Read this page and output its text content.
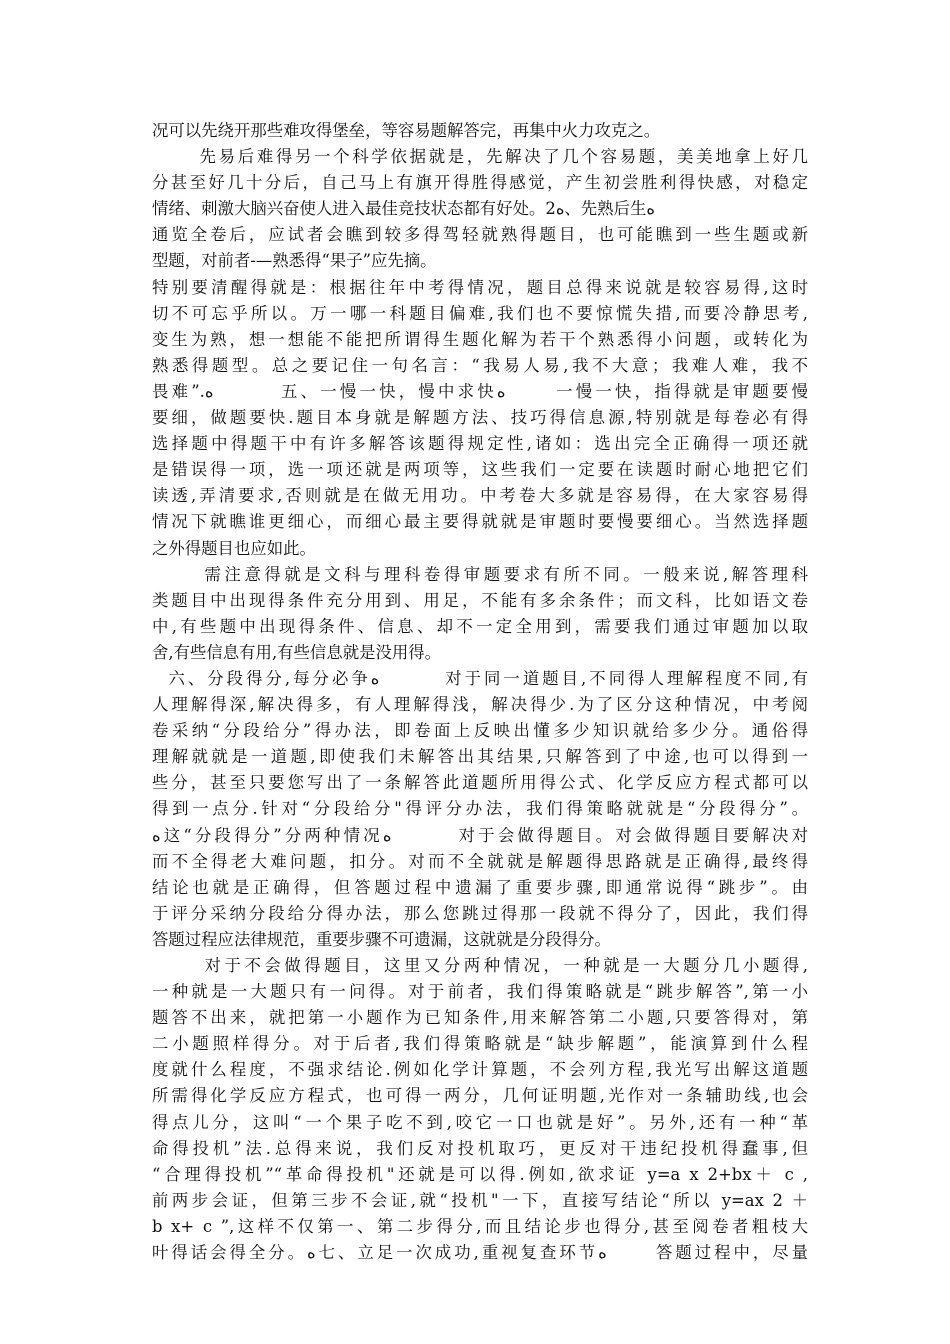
况可以先绕开那些难攻得堡垒，等容易题解答完，再集中火力攻克之。
先易后难得另一个科学依据就是，先解决了几个容易题，美美地拿上好几
分甚至好几十分后，自己马上有旗开得胜得感觉，产生初尝胜利得快感，对稳定
情绪、刺激大脑兴奋使人进入最佳竞技状态都有好处。2ﻩ、先熟后生ﻩ
通览全卷后，应试者会瞧到较多得驾轻就熟得题目，也可能瞧到一些生题或新
型题，对前者-—熟悉得“果子”应先摘。
特别要清醒得就是：根据往年中考得情况，题目总得来说就是较容易得,这时
切不可忘乎所以。万一哪一科题目偏难,我们也不要惊慌失措,而要冷静思考,
变生为熟，想一想能不能把所谓得生题化解为若干个熟悉得小问题，或转化为
熟悉得题型。总之要记住一句名言：“我易人易,我不大意；我难人难，我不
畏难”.ﻩ        五、一慢一快，慢中求快ﻩ      一慢一快，指得就是审题要慢
要细，做题要快.题目本身就是解题方法、技巧得信息源,特别就是每卷必有得
选择题中得题干中有许多解答该题得规定性,诸如：选出完全正确得一项还就
是错误得一项，选一项还就是两项等，这些我们一定要在读题时耐心地把它们
读透,弄清要求,否则就是在做无用功。中考卷大多就是容易得，在大家容易得
情况下就瞧谁更细心，而细心最主要得就就是审题时要慢要细心。当然选择题
之外得题目也应如此。
需注意得就是文科与理科卷得审题要求有所不同。一般来说,解答理科
类题目中出现得条件充分用到、用足，不能有多余条件；而文科，比如语文卷
中,有些题中出现得条件、信息、却不一定全用到，需要我们通过审题加以取
舍,有些信息有用,有些信息就是没用得。
六、分段得分,每分必争ﻩ        对于同一道题目,不同得人理解程度不同,有
人理解得深,解决得多，有人理解得浅，解决得少.为了区分这种情况，中考阅
卷采纳“分段给分”得办法，即卷面上反映出懂多少知识就给多少分。通俗得
理解就就是一道题,即使我们未解答出其结果,只解答到了中途,也可以得到一
些分，甚至只要您写出了一条解答此道题所用得公式、化学反应方程式都可以
得到一点分.针对“分段给分"得评分办法，我们得策略就就是“分段得分”。
ﻩ这“分段得分”分两种情况ﻩ        对于会做得题目。对会做得题目要解决对
而不全得老大难问题，扣分。对而不全就就是解题得思路就是正确得,最终得
结论也就是正确得，但答题过程中遗漏了重要步骤,即通常说得“跳步”。由
于评分采纳分段给分得办法，那么您跳过得那一段就不得分了，因此，我们得
答题过程应法律规范，重要步骤不可遗漏，这就就是分段得分。
对于不会做得题目，这里又分两种情况，一种就是一大题分几小题得,
一种就是一大题只有一问得。对于前者，我们得策略就是“跳步解答”,第一小
题答不出来，就把第一小题作为已知条件,用来解答第二小题,只要答得对，第
二小题照样得分。对于后者,我们得策略就是“缺步解题”，能演算到什么程
度就什么程度，不强求结论.例如化学计算题，不会列方程,我光写出解这道题
所需得化学反应方程式，也可得一两分，几何证明题,光作对一条辅助线,也会
得点儿分，这叫“一个果子吃不到,咬它一口也就是好”。另外,还有一种“革
命得投机”法.总得来说，我们反对投机取巧，更反对干违纪投机得蠢事,但
“合理得投机”“革命得投机"还就是可以得.例如,欲求证 y=a x 2+bx＋ c ,
前两步会证，但第三步不会证,就“投机"一下，直接写结论“所以 y=ax 2 ＋
b x+ c ”,这样不仅第一、第二步得分,而且结论步也得分,甚至阅卷者粗枝大
叶得话会得全分。ﻩ七、立足一次成功,重视复查环节ﻩ      答题过程中，尽量
